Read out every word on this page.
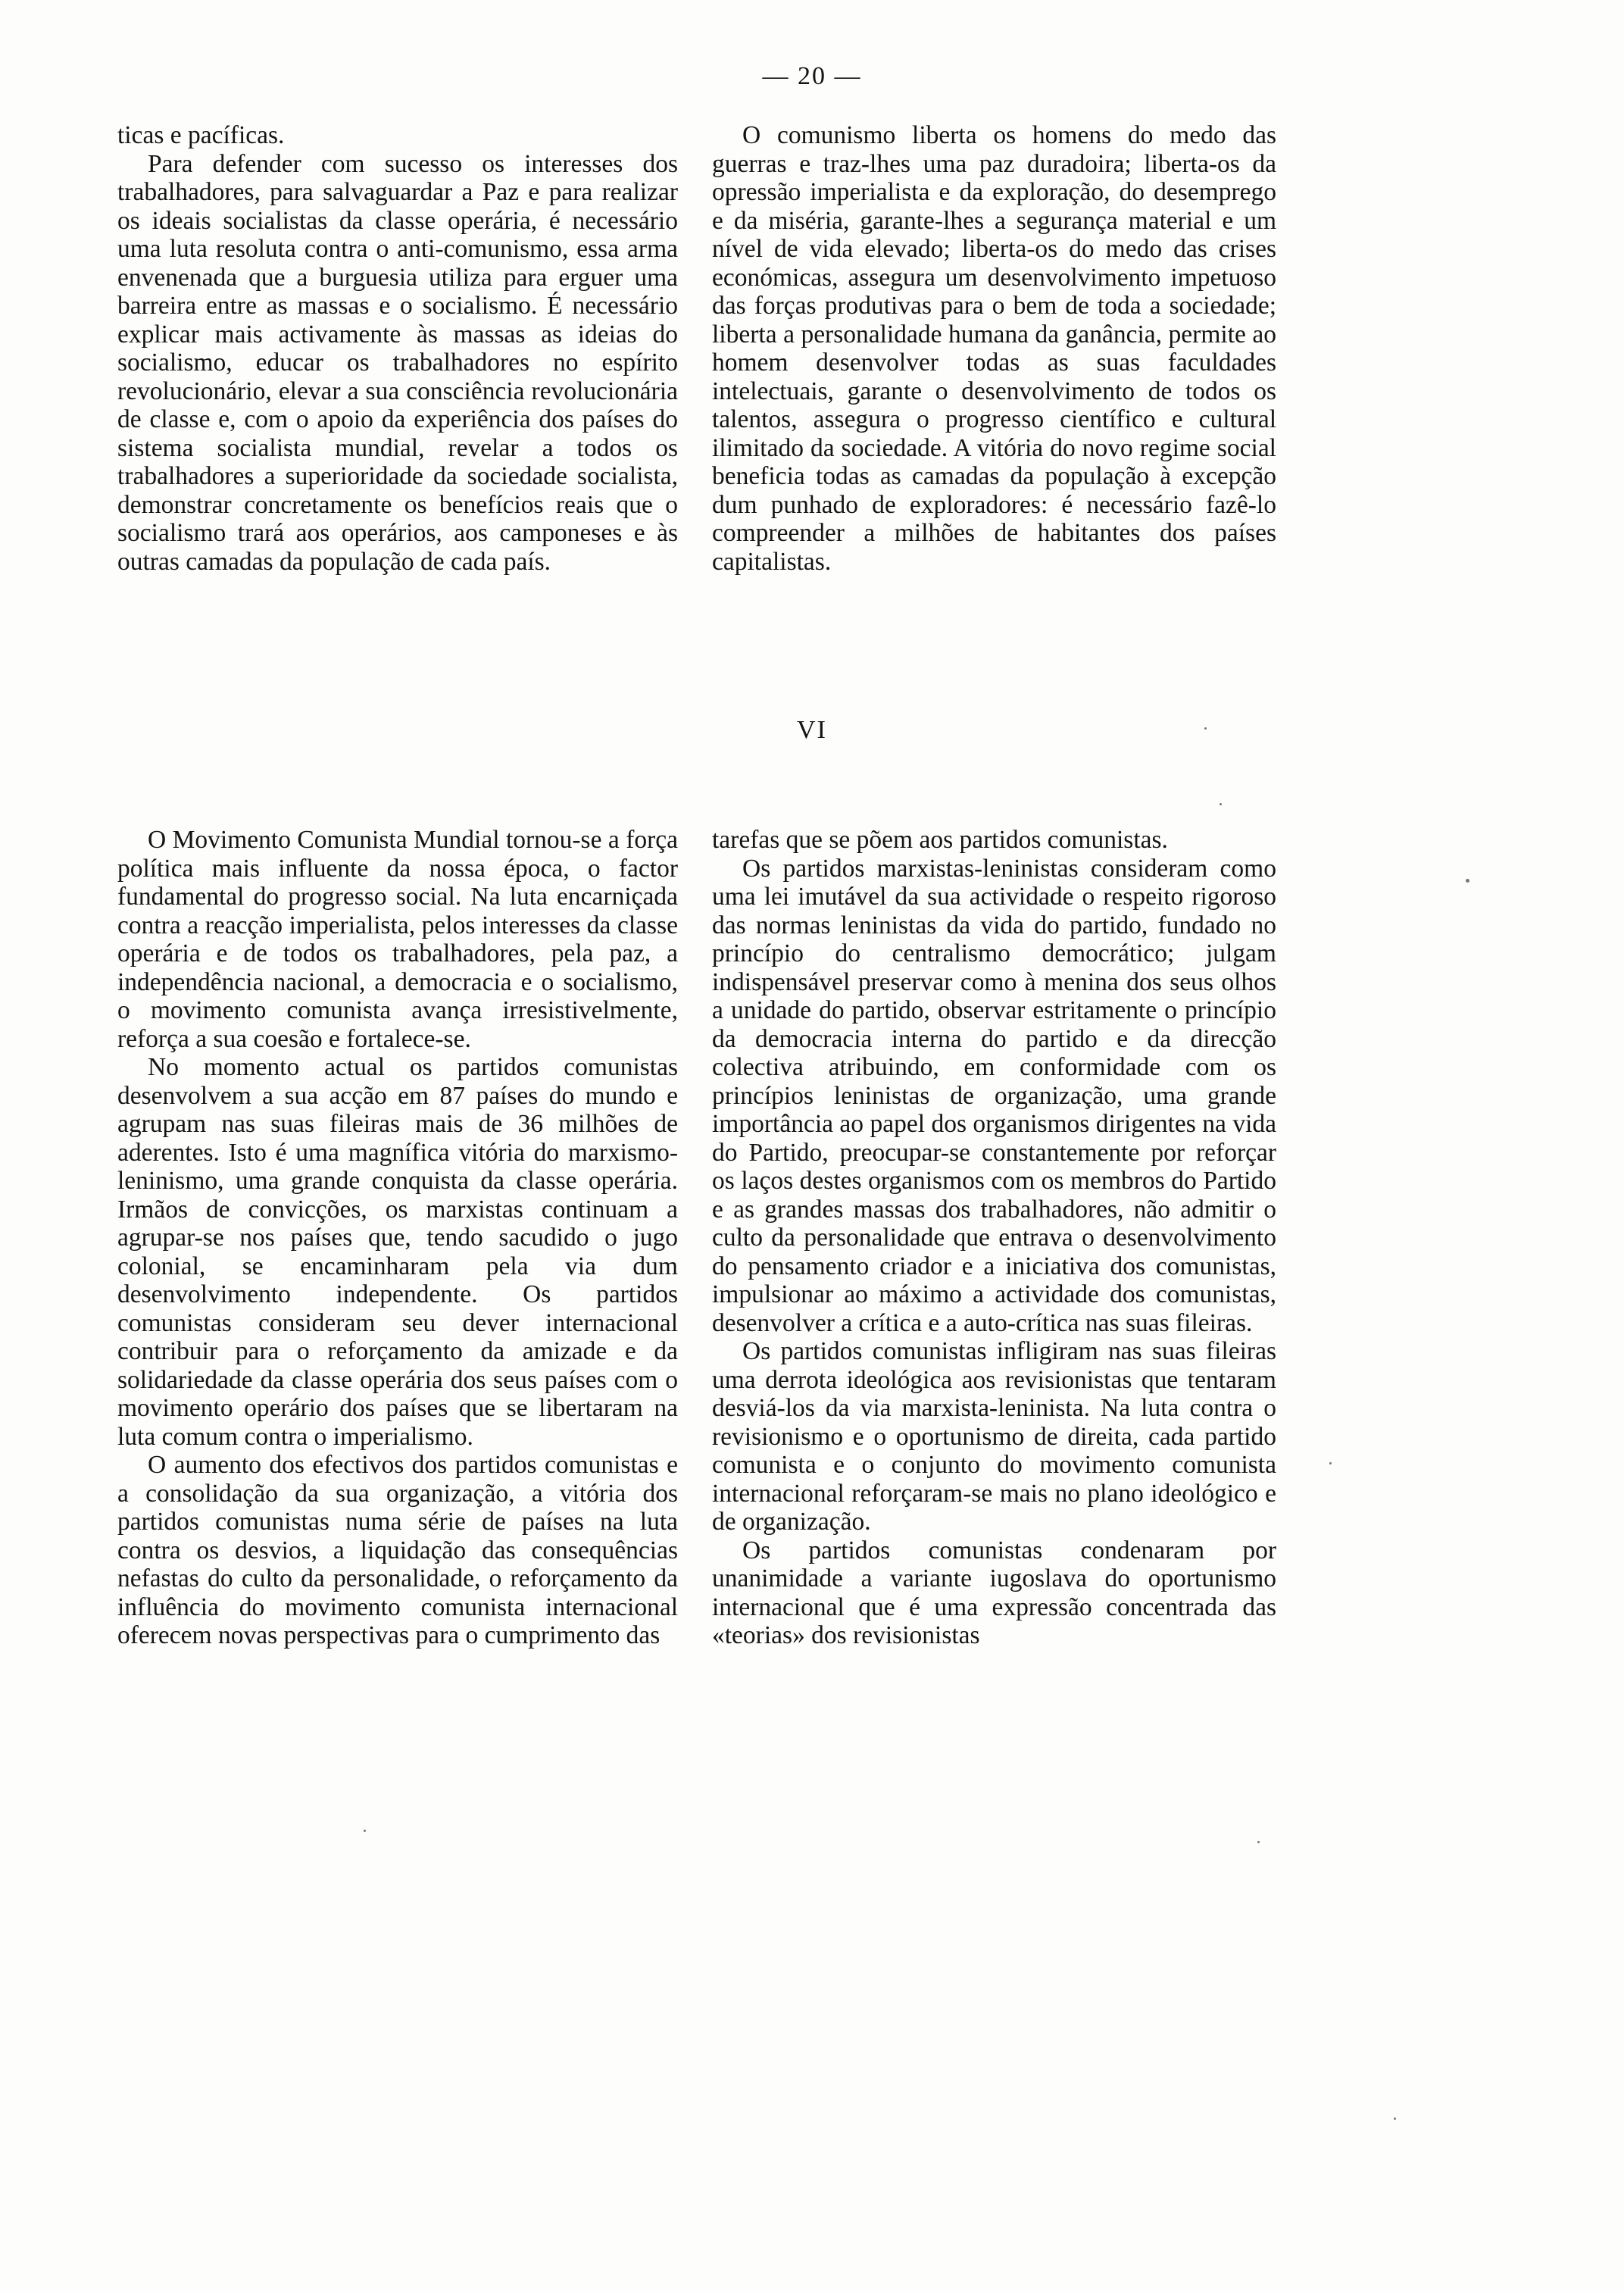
— 20 —

ticas e pacíficas.

Para defender com sucesso os interesses dos trabalhadores, para salvaguardar a Paz e para realizar os ideais socialistas da classe operária, é necessário uma luta resoluta contra o anti-comunismo, essa arma envenenada que a burguesia utiliza para erguer uma barreira entre as massas e o socialismo. É necessário explicar mais activamente às massas as ideias do socialismo, educar os trabalhadores no espírito revolucionário, elevar a sua consciência revolucionária de classe e, com o apoio da experiência dos países do sistema socialista mundial, revelar a todos os trabalhadores a superioridade da sociedade socialista, demonstrar concretamente os benefícios reais que o socialismo trará aos operários, aos camponeses e às outras camadas da população de cada país.

O comunismo liberta os homens do medo das guerras e traz-lhes uma paz duradoira; liberta-os da opressão imperialista e da exploração, do desemprego e da miséria, garante-lhes a segurança material e um nível de vida elevado; liberta-os do medo das crises económicas, assegura um desenvolvimento impetuoso das forças produtivas para o bem de toda a sociedade; liberta a personalidade humana da ganância, permite ao homem desenvolver todas as suas faculdades intelectuais, garante o desenvolvimento de todos os talentos, assegura o progresso científico e cultural ilimitado da sociedade. A vitória do novo regime social beneficia todas as camadas da população à excepção dum punhado de exploradores: é necessário fazê-lo compreender a milhões de habitantes dos países capitalistas.

VI

O Movimento Comunista Mundial tornou-se a força política mais influente da nossa época, o factor fundamental do progresso social. Na luta encarniçada contra a reacção imperialista, pelos interesses da classe operária e de todos os trabalhadores, pela paz, a independência nacional, a democracia e o socialismo, o movimento comunista avança irresistivelmente, reforça a sua coesão e fortalece-se.

No momento actual os partidos comunistas desenvolvem a sua acção em 87 países do mundo e agrupam nas suas fileiras mais de 36 milhões de aderentes. Isto é uma magnífica vitória do marxismo-leninismo, uma grande conquista da classe operária. Irmãos de convicções, os marxistas continuam a agrupar-se nos países que, tendo sacudido o jugo colonial, se encaminharam pela via dum desenvolvimento independente. Os partidos comunistas consideram seu dever internacional contribuir para o reforçamento da amizade e da solidariedade da classe operária dos seus países com o movimento operário dos países que se libertaram na luta comum contra o imperialismo.

O aumento dos efectivos dos partidos comunistas e a consolidação da sua organização, a vitória dos partidos comunistas numa série de países na luta contra os desvios, a liquidação das consequências nefastas do culto da personalidade, o reforçamento da influência do movimento comunista internacional oferecem novas perspectivas para o cumprimento das

tarefas que se põem aos partidos comunistas.

Os partidos marxistas-leninistas consideram como uma lei imutável da sua actividade o respeito rigoroso das normas leninistas da vida do partido, fundado no princípio do centralismo democrático; julgam indispensável preservar como à menina dos seus olhos a unidade do partido, observar estritamente o princípio da democracia interna do partido e da direcção colectiva atribuindo, em conformidade com os princípios leninistas de organização, uma grande importância ao papel dos organismos dirigentes na vida do Partido, preocupar-se constantemente por reforçar os laços destes organismos com os membros do Partido e as grandes massas dos trabalhadores, não admitir o culto da personalidade que entrava o desenvolvimento do pensamento criador e a iniciativa dos comunistas, impulsionar ao máximo a actividade dos comunistas, desenvolver a crítica e a auto-crítica nas suas fileiras.

Os partidos comunistas infligiram nas suas fileiras uma derrota ideológica aos revisionistas que tentaram desviá-los da via marxista-leninista. Na luta contra o revisionismo e o oportunismo de direita, cada partido comunista e o conjunto do movimento comunista internacional reforçaram-se mais no plano ideológico e de organização.

Os partidos comunistas condenaram por unanimidade a variante iugoslava do oportunismo internacional que é uma expressão concentrada das «teorias» dos revisionistas
